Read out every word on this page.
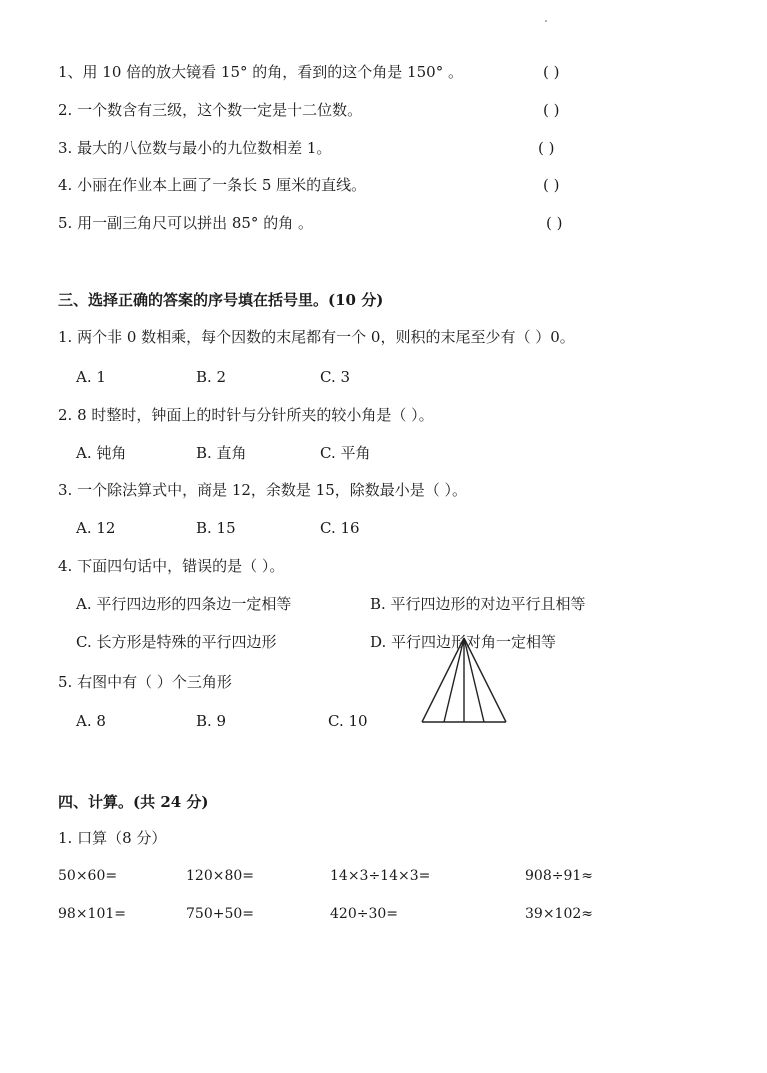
1、用 10 倍的放大镜看 15° 的角，看到的这个角是 150° 。	( )
2. 一个数含有三级，这个数一定是十二位数。	( )
3. 最大的八位数与最小的九位数相差 1。	( )
4. 小丽在作业本上画了一条长 5 厘米的直线。	( )
5. 用一副三角尺可以拼出 85° 的角 。	( )
三、选择正确的答案的序号填在括号里。(10 分)
1. 两个非 0 数相乘，每个因数的末尾都有一个 0，则积的末尾至少有（ ）0。
A. 1	B. 2	C. 3
2. 8 时整时，钟面上的时针与分针所夹的较小角是（ ）。
A. 钝角	B. 直角	C. 平角
3. 一个除法算式中，商是 12，余数是 15，除数最小是（ ）。
A. 12	B. 15	C. 16
4. 下面四句话中，错误的是（ ）。
A. 平行四边形的四条边一定相等	B. 平行四边形的对边平行且相等
C. 长方形是特殊的平行四边形	D. 平行四边形对角一定相等
5. 右图中有（ ）个三角形
A. 8	B. 9	C. 10
四、计算。(共 24 分)
1. 口算（8 分）
50×60=	120×80=	14×3÷14×3=	908÷91≈
98×101=	750+50=	420÷30=	39×102≈
